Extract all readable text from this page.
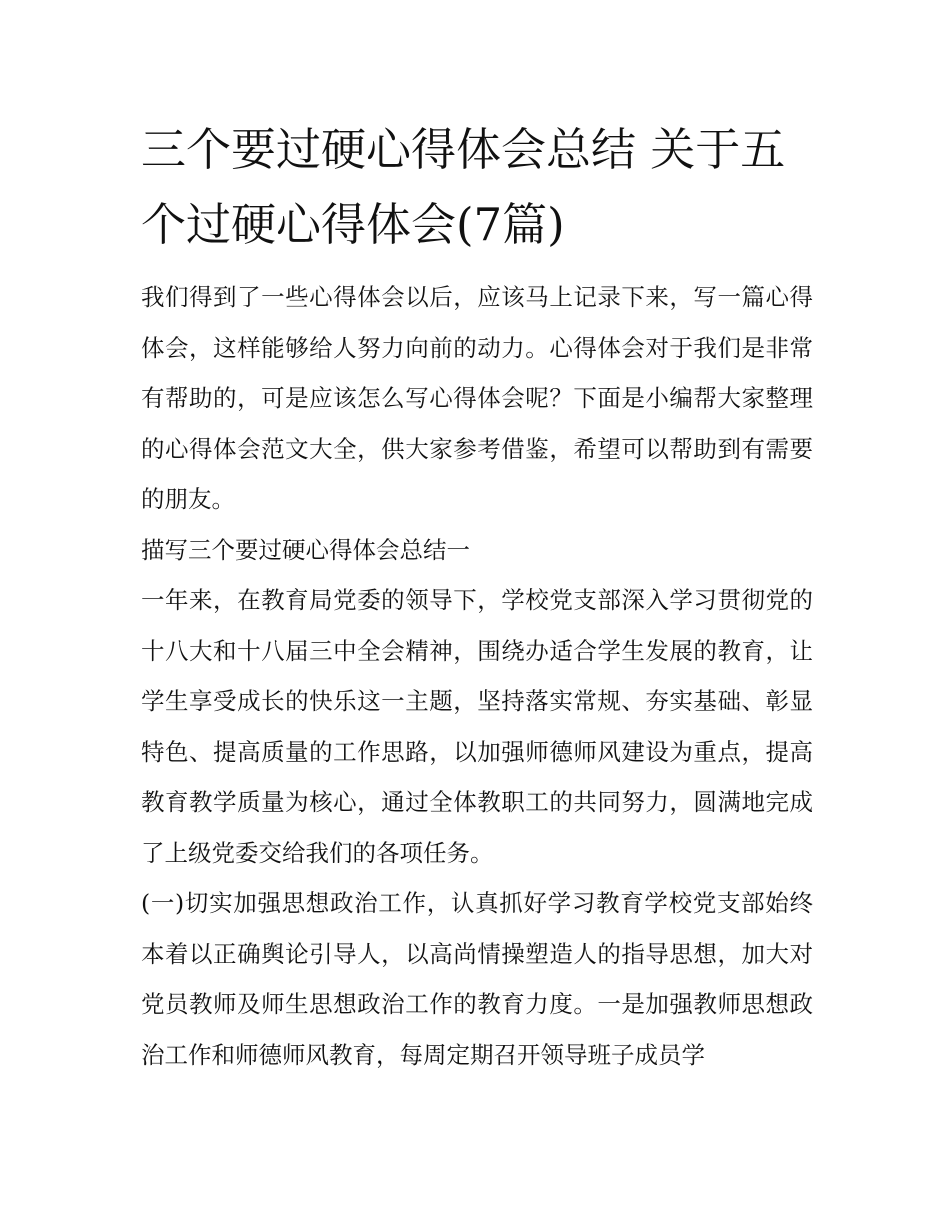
三个要过硬心得体会总结 关于五个过硬心得体会(7篇)

我们得到了一些心得体会以后，应该马上记录下来，写一篇心得体会，这样能够给人努力向前的动力。心得体会对于我们是非常有帮助的，可是应该怎么写心得体会呢？下面是小编帮大家整理的心得体会范文大全，供大家参考借鉴，希望可以帮助到有需要的朋友。

描写三个要过硬心得体会总结一

一年来，在教育局党委的领导下，学校党支部深入学习贯彻党的十八大和十八届三中全会精神，围绕办适合学生发展的教育，让学生享受成长的快乐这一主题，坚持落实常规、夯实基础、彰显特色、提高质量的工作思路，以加强师德师风建设为重点，提高教育教学质量为核心，通过全体教职工的共同努力，圆满地完成了上级党委交给我们的各项任务。

(一)切实加强思想政治工作，认真抓好学习教育学校党支部始终本着以正确舆论引导人，以高尚情操塑造人的指导思想，加大对党员教师及师生思想政治工作的教育力度。一是加强教师思想政治工作和师德师风教育，每周定期召开领导班子成员学
